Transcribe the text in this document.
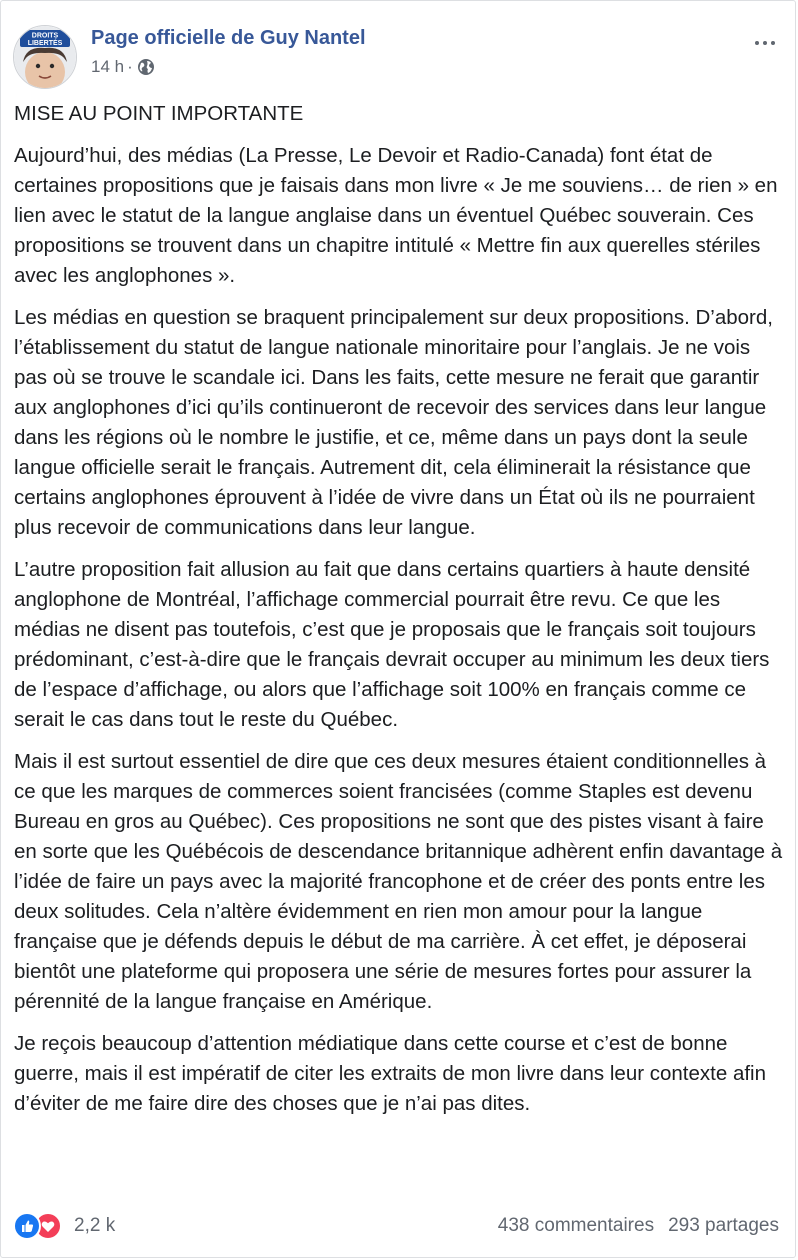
DROITS
LIBERTÉS Page officielle de Guy Nantel
14 h ·

MISE AU POINT IMPORTANTE

Aujourd’hui, des médias (La Presse, Le Devoir et Radio-Canada) font état de certaines propositions que je faisais dans mon livre « Je me souviens… de rien » en lien avec le statut de la langue anglaise dans un éventuel Québec souverain. Ces propositions se trouvent dans un chapitre intitulé « Mettre fin aux querelles stériles avec les anglophones ».

Les médias en question se braquent principalement sur deux propositions. D’abord, l’établissement du statut de langue nationale minoritaire pour l’anglais. Je ne vois pas où se trouve le scandale ici. Dans les faits, cette mesure ne ferait que garantir aux anglophones d’ici qu’ils continueront de recevoir des services dans leur langue dans les régions où le nombre le justifie, et ce, même dans un pays dont la seule langue officielle serait le français. Autrement dit, cela éliminerait la résistance que certains anglophones éprouvent à l’idée de vivre dans un État où ils ne pourraient plus recevoir de communications dans leur langue.

L’autre proposition fait allusion au fait que dans certains quartiers à haute densité anglophone de Montréal, l’affichage commercial pourrait être revu. Ce que les médias ne disent pas toutefois, c’est que je proposais que le français soit toujours prédominant, c’est-à-dire que le français devrait occuper au minimum les deux tiers de l’espace d’affichage, ou alors que l’affichage soit 100% en français comme ce serait le cas dans tout le reste du Québec.

Mais il est surtout essentiel de dire que ces deux mesures étaient conditionnelles à ce que les marques de commerces soient francisées (comme Staples est devenu Bureau en gros au Québec). Ces propositions ne sont que des pistes visant à faire en sorte que les Québécois de descendance britannique adhèrent enfin davantage à l’idée de faire un pays avec la majorité francophone et de créer des ponts entre les deux solitudes. Cela n’altère évidemment en rien mon amour pour la langue française que je défends depuis le début de ma carrière. À cet effet, je déposerai bientôt une plateforme qui proposera une série de mesures fortes pour assurer la pérennité de la langue française en Amérique.

Je reçois beaucoup d’attention médiatique dans cette course et c’est de bonne guerre, mais il est impératif de citer les extraits de mon livre dans leur contexte afin d’éviter de me faire dire des choses que je n’ai pas dites.

2,2 k	438 commentaires 293 partages
